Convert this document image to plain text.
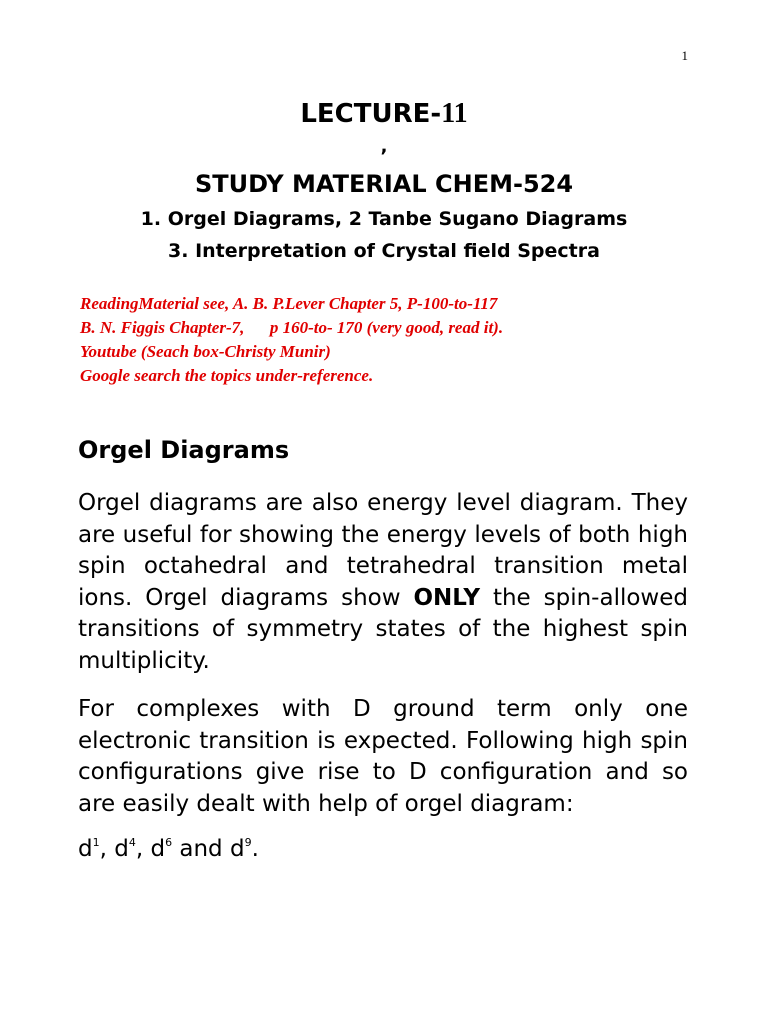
1
LECTURE-11
,
STUDY MATERIAL CHEM-524
1. Orgel Diagrams, 2 Tanbe Sugano Diagrams
3. Interpretation of Crystal field Spectra
ReadingMaterial see, A. B. P.Lever Chapter 5, P-100-to-117
B. N. Figgis Chapter-7,      p 160-to- 170 (very good, read it).
Youtube (Seach box-Christy Munir)
Google search the topics under-reference.
Orgel Diagrams

Orgel diagrams are also energy level diagram. They are useful for showing the energy levels of both high spin octahedral and tetrahedral transition metal ions. Orgel diagrams show ONLY the spin-allowed transitions of symmetry states of the highest spin multiplicity.

For complexes with D ground term only one electronic transition is expected. Following high spin configurations give rise to D configuration and so are easily dealt with help of orgel diagram:

$d^1$, $d^4$, $d^6$ and $d^9$.
